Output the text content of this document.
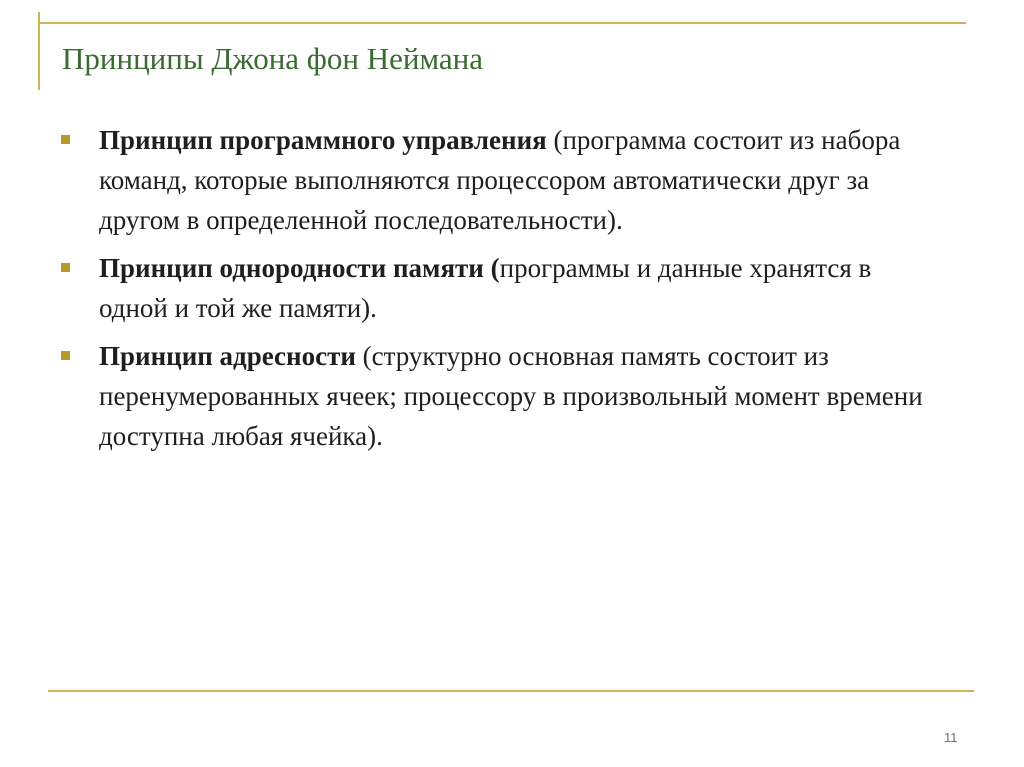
Принципы Джона фон Неймана
Принцип программного управления (программа состоит из набора команд, которые выполняются процессором автоматически друг за другом в определенной последовательности).
Принцип однородности памяти (программы и данные хранятся в одной и той же памяти).
Принцип адресности (структурно основная память состоит из перенумерованных ячеек; процессору в произвольный момент времени доступна любая ячейка).
11
